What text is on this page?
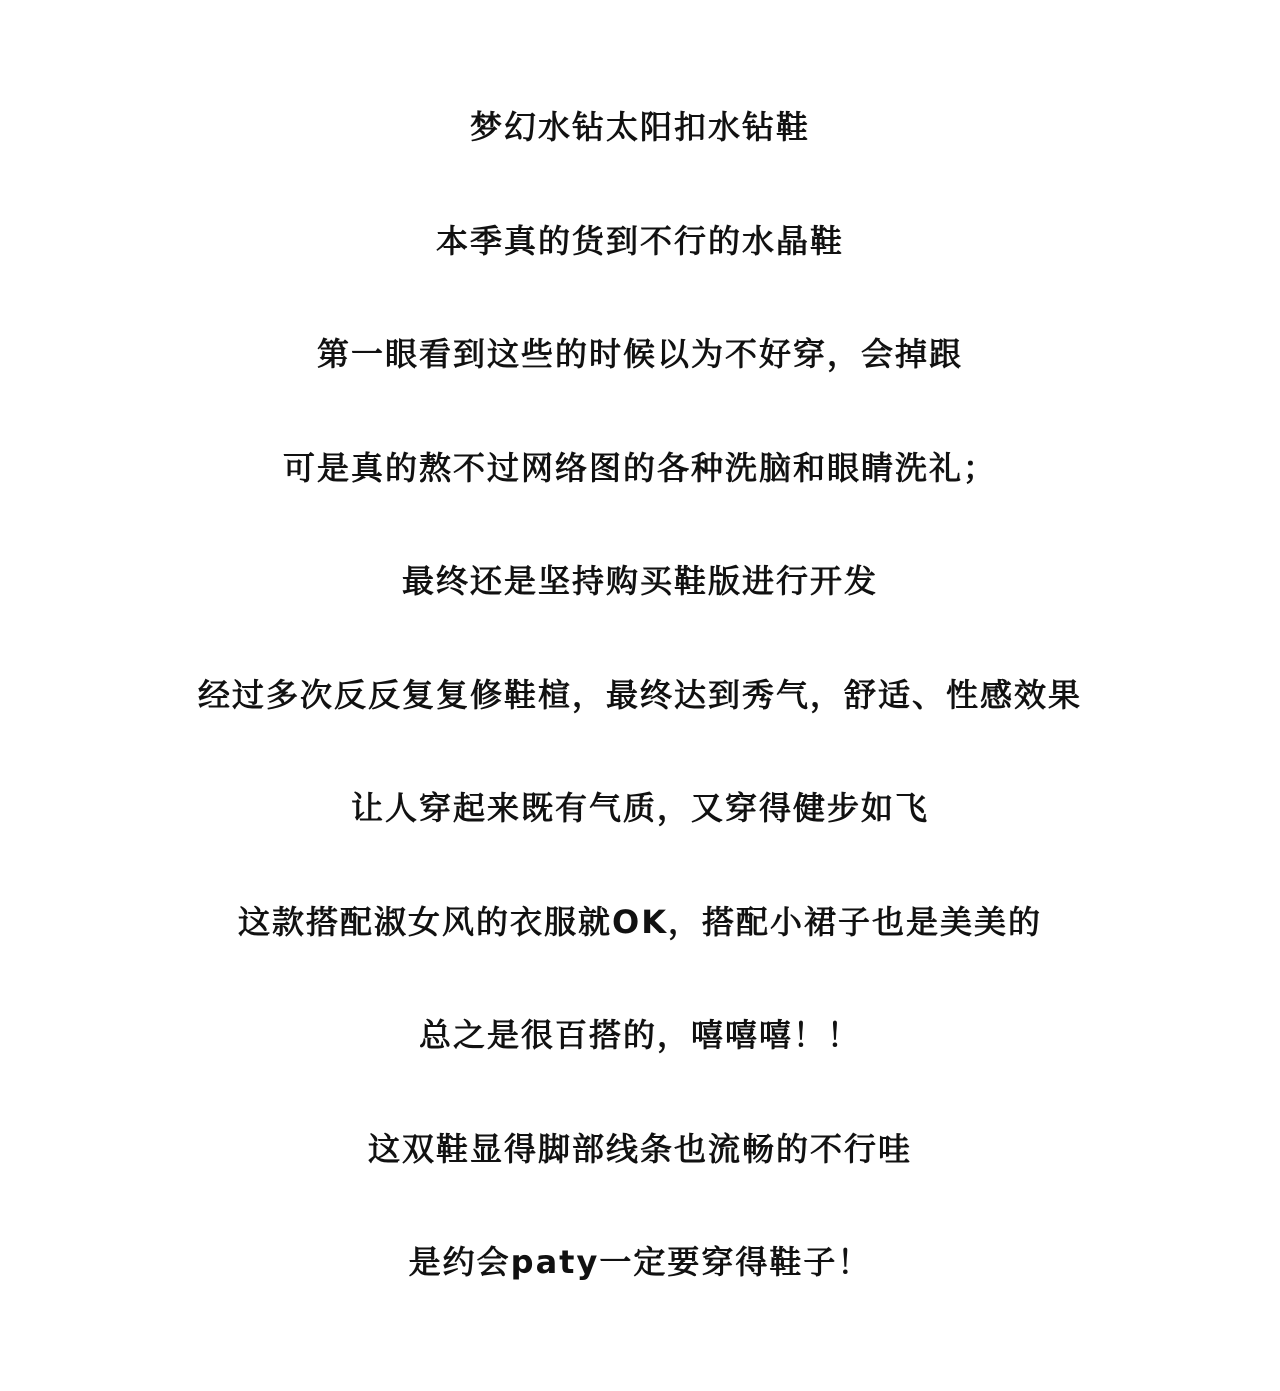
梦幻水钻太阳扣水钻鞋
本季真的货到不行的水晶鞋
第一眼看到这些的时候以为不好穿，会掉跟
可是真的熬不过网络图的各种洗脑和眼睛洗礼；
最终还是坚持购买鞋版进行开发
经过多次反反复复修鞋楦，最终达到秀气，舒适、性感效果
让人穿起来既有气质，又穿得健步如飞
这款搭配淑女风的衣服就OK，搭配小裙子也是美美的
总之是很百搭的，嘻嘻嘻！！
这双鞋显得脚部线条也流畅的不行哇
是约会paty一定要穿得鞋子！
